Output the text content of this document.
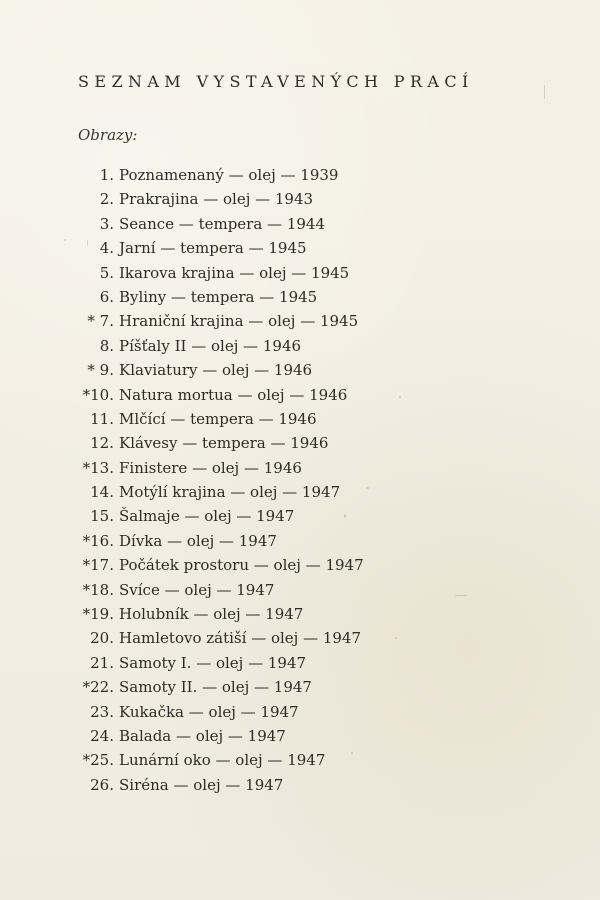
SEZNAM VYSTAVENÝCH PRACÍ
Obrazy:
1. Poznamenaný — olej — 1939
2. Prakrajina — olej — 1943
3. Seance — tempera — 1944
4. Jarní — tempera — 1945
5. Ikarova krajina — olej — 1945
6. Byliny — tempera — 1945
* 7. Hraniční krajina — olej — 1945
8. Píšťaly II — olej — 1946
* 9. Klaviatury — olej — 1946
*10. Natura mortua — olej — 1946
11. Mlčící — tempera — 1946
12. Klávesy — tempera — 1946
*13. Finistere — olej — 1946
14. Motýlí krajina — olej — 1947
15. Šalmaje — olej — 1947
*16. Dívka — olej — 1947
*17. Počátek prostoru — olej — 1947
*18. Svíce — olej — 1947
*19. Holubník — olej — 1947
20. Hamletovo zátiší — olej — 1947
21. Samoty I. — olej — 1947
*22. Samoty II. — olej — 1947
23. Kukačka — olej — 1947
24. Balada — olej — 1947
*25. Lunární oko — olej — 1947
26. Siréna — olej — 1947
